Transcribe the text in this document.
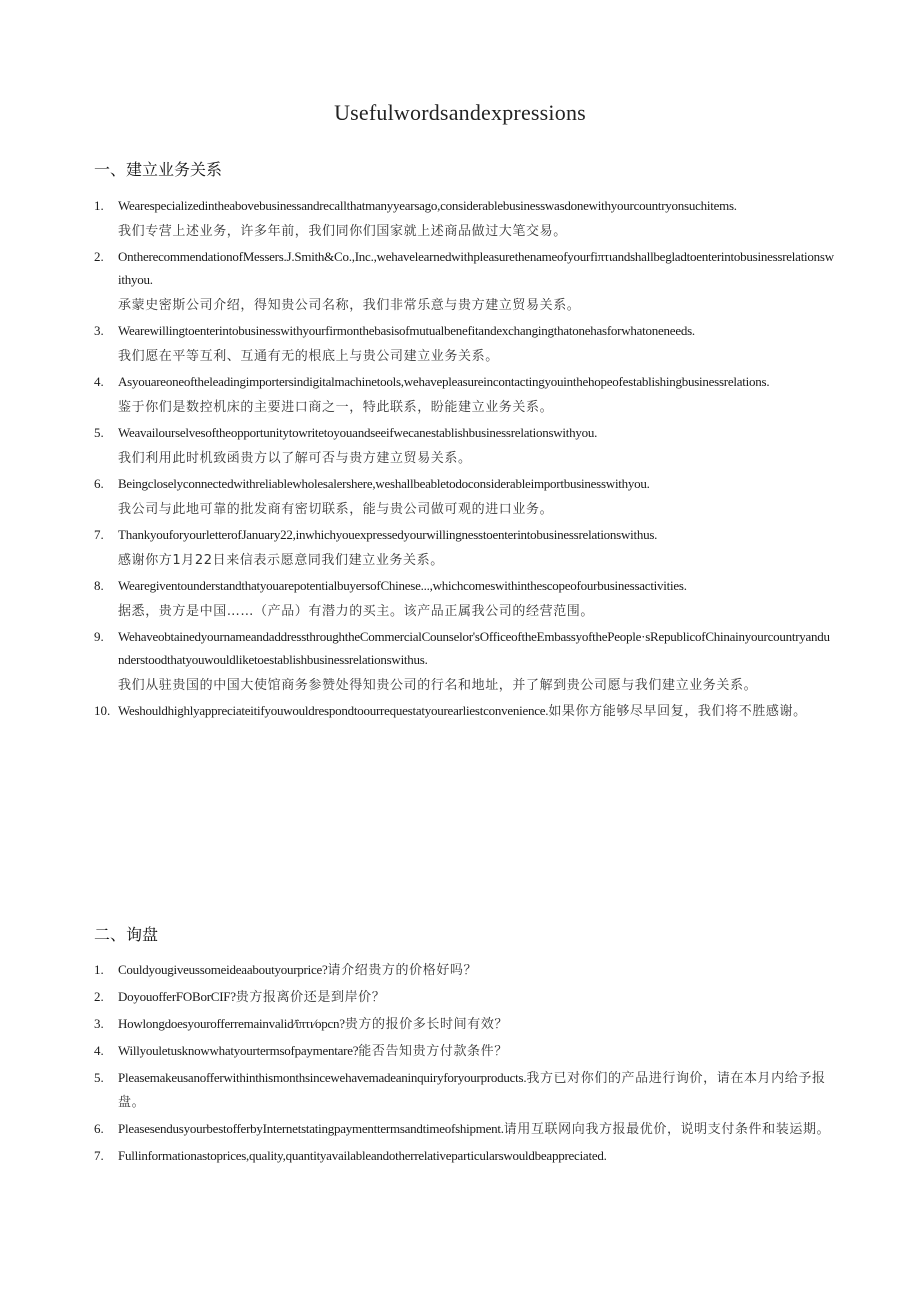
Usefulwordsandexpressions
一、建立业务关系
1.	Wearespecializedintheabovebusinessandrecallthatmanyyearsago,considerablebusinesswasdonewithyourcountryonsuchitems.
我们专营上述业务，许多年前，我们同你们国家就上述商品做过大笔交易。
2.	OntherecommendationofMessers.J.Smith&Co.,Inc.,wehavelearnedwithpleasurethenameofyourfiπτιandshallbegladtoenterintobusinessrelationswithyou.
承蒙史密斯公司介绍，得知贵公司名称，我们非常乐意与贵方建立贸易关系。
3.	Wearewillingtoenterintobusinesswithyourfirmonthebasisofmutualbenefitandexchangingthatonehasforwhatoneneeds.
我们愿在平等互利、互通有无的根底上与贵公司建立业务关系。
4.	Asyouareoneoftheleadingimportersindigitalmachinetools,wehavepleasureincontactingyouinthehopeofestablishingbusinessrelations.
鉴于你们是数控机床的主要进口商之一，特此联系，盼能建立业务关系。
5.	Weavailourselvesoftheopportunitytowritetoyouandseeifwecanestablishbusinessrelationswithyou.
我们利用此时机致函贵方以了解可否与贵方建立贸易关系。
6.	Beingcloselyconnectedwithreliablewholesalershere,weshallbeabletodoconsiderableimportbusinesswithyou.
我公司与此地可靠的批发商有密切联系，能与贵公司做可观的进口业务。
7.	ThankyouforyourletterofJanuary22,inwhichyouexpressedyourwillingnesstoenterintobusinessrelationswithus.
感谢你方1月22日来信表示愿意同我们建立业务关系。
8.	WearegiventounderstandthatyouarepotentialbuyersofChinese...,whichcomeswithinthescopeofourbusinessactivities.
据悉，贵方是中国……（产品）有潜力的买主。该产品正属我公司的经营范围。
9.	WehaveobtainedyournameandaddressthroughtheCommercialCounselor'sOfficeoftheEmbassyofthePeople·sRepublicofChinainyourcountryandunderstoodthatyouwouldliketoestablishbusinessrelationswithus.
我们从驻贵国的中国大使馆商务参赞处得知贵公司的行名和地址，并了解到贵公司愿与我们建立业务关系。
10. Weshouldhighlyappreciateitifyouwouldrespondtoourrequestatyourearliestconvenience.如果你方能够尽早回复，我们将不胜感谢。
二、询盘
1.	Couldyougiveussomeideaaboutyourprice?请介绍贵方的价格好吗？
2.	DoyouofferFOBorCIF?贵方报离价还是到岸价？
3.	Howlongdoesyourofferremainvalid∕ϊπτι∕opcn?贵方的报价多长时间有效？
4.	Willyouletusknowwhatyourtermsofpaymentare?能否告知贵方付款条件？
5.	Pleasemakeusanofferwithinthismonthsincewehavemadeaninquiryforyourproducts.我方已对你们的产品进行询价，请在本月内给予报盘。
6.	PleasesendusyourbestofferbyInternetstatingpaymenttermsandtimeofshipment.请用互联网向我方报最优价，说明支付条件和装运期。
7.	Fullinformationastoprices,quality,quantityavailableandotherrelativeparticularswouldbeappreciated.
